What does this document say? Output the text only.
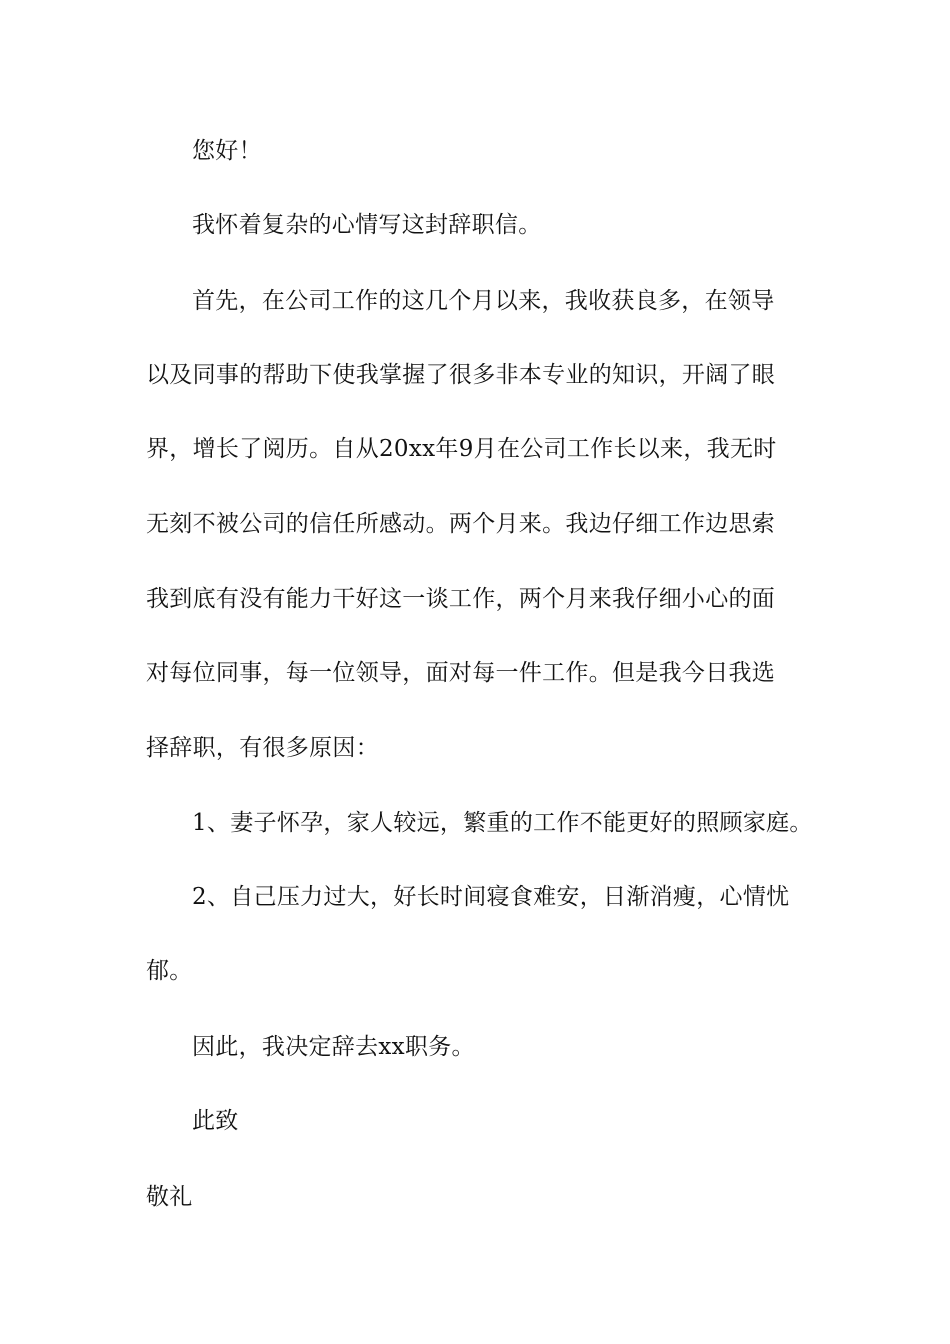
您好！
我怀着复杂的心情写这封辞职信。
首先，在公司工作的这几个月以来，我收获良多，在领导
以及同事的帮助下使我掌握了很多非本专业的知识，开阔了眼
界，增长了阅历。自从20xx年9月在公司工作长以来，我无时
无刻不被公司的信任所感动。两个月来。我边仔细工作边思索
我到底有没有能力干好这一谈工作，两个月来我仔细小心的面
对每位同事，每一位领导，面对每一件工作。但是我今日我选
择辞职，有很多原因：
1、妻子怀孕，家人较远，繁重的工作不能更好的照顾家庭。
2、自己压力过大，好长时间寝食难安，日渐消瘦，心情忧
郁。
因此，我决定辞去xx职务。
此致
敬礼
